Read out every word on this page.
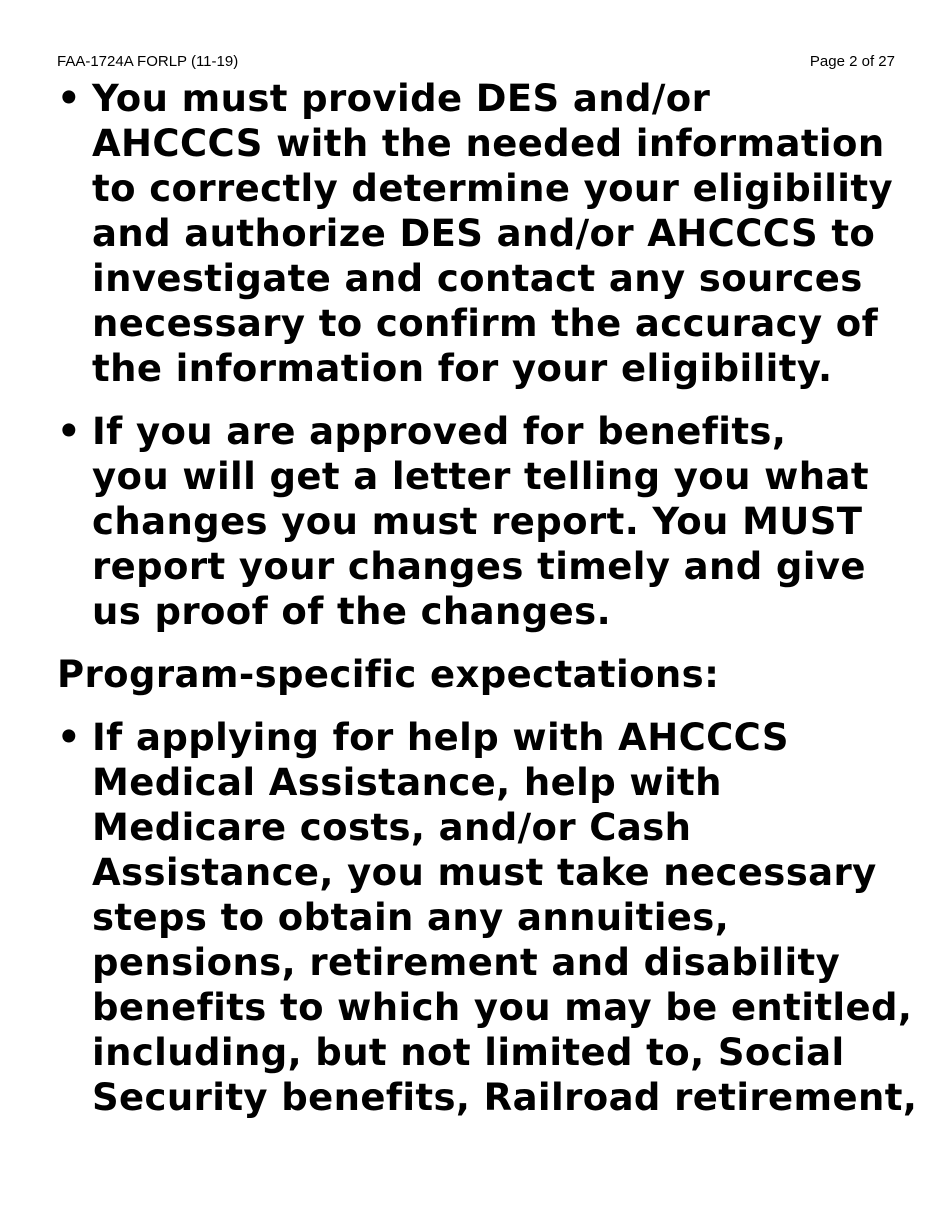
FAA-1724A FORLP (11-19)	Page 2 of 27
• You must provide DES and/or
AHCCCS with the needed information
to correctly determine your eligibility
and authorize DES and/or AHCCCS to
investigate and contact any sources
necessary to confirm the accuracy of
the information for your eligibility.
• If you are approved for benefits,
you will get a letter telling you what
changes you must report. You MUST
report your changes timely and give
us proof of the changes.
Program-specific expectations:
• If applying for help with AHCCCS
Medical Assistance, help with
Medicare costs, and/or Cash
Assistance, you must take necessary
steps to obtain any annuities,
pensions, retirement and disability
benefits to which you may be entitled,
including, but not limited to, Social
Security benefits, Railroad retirement,
